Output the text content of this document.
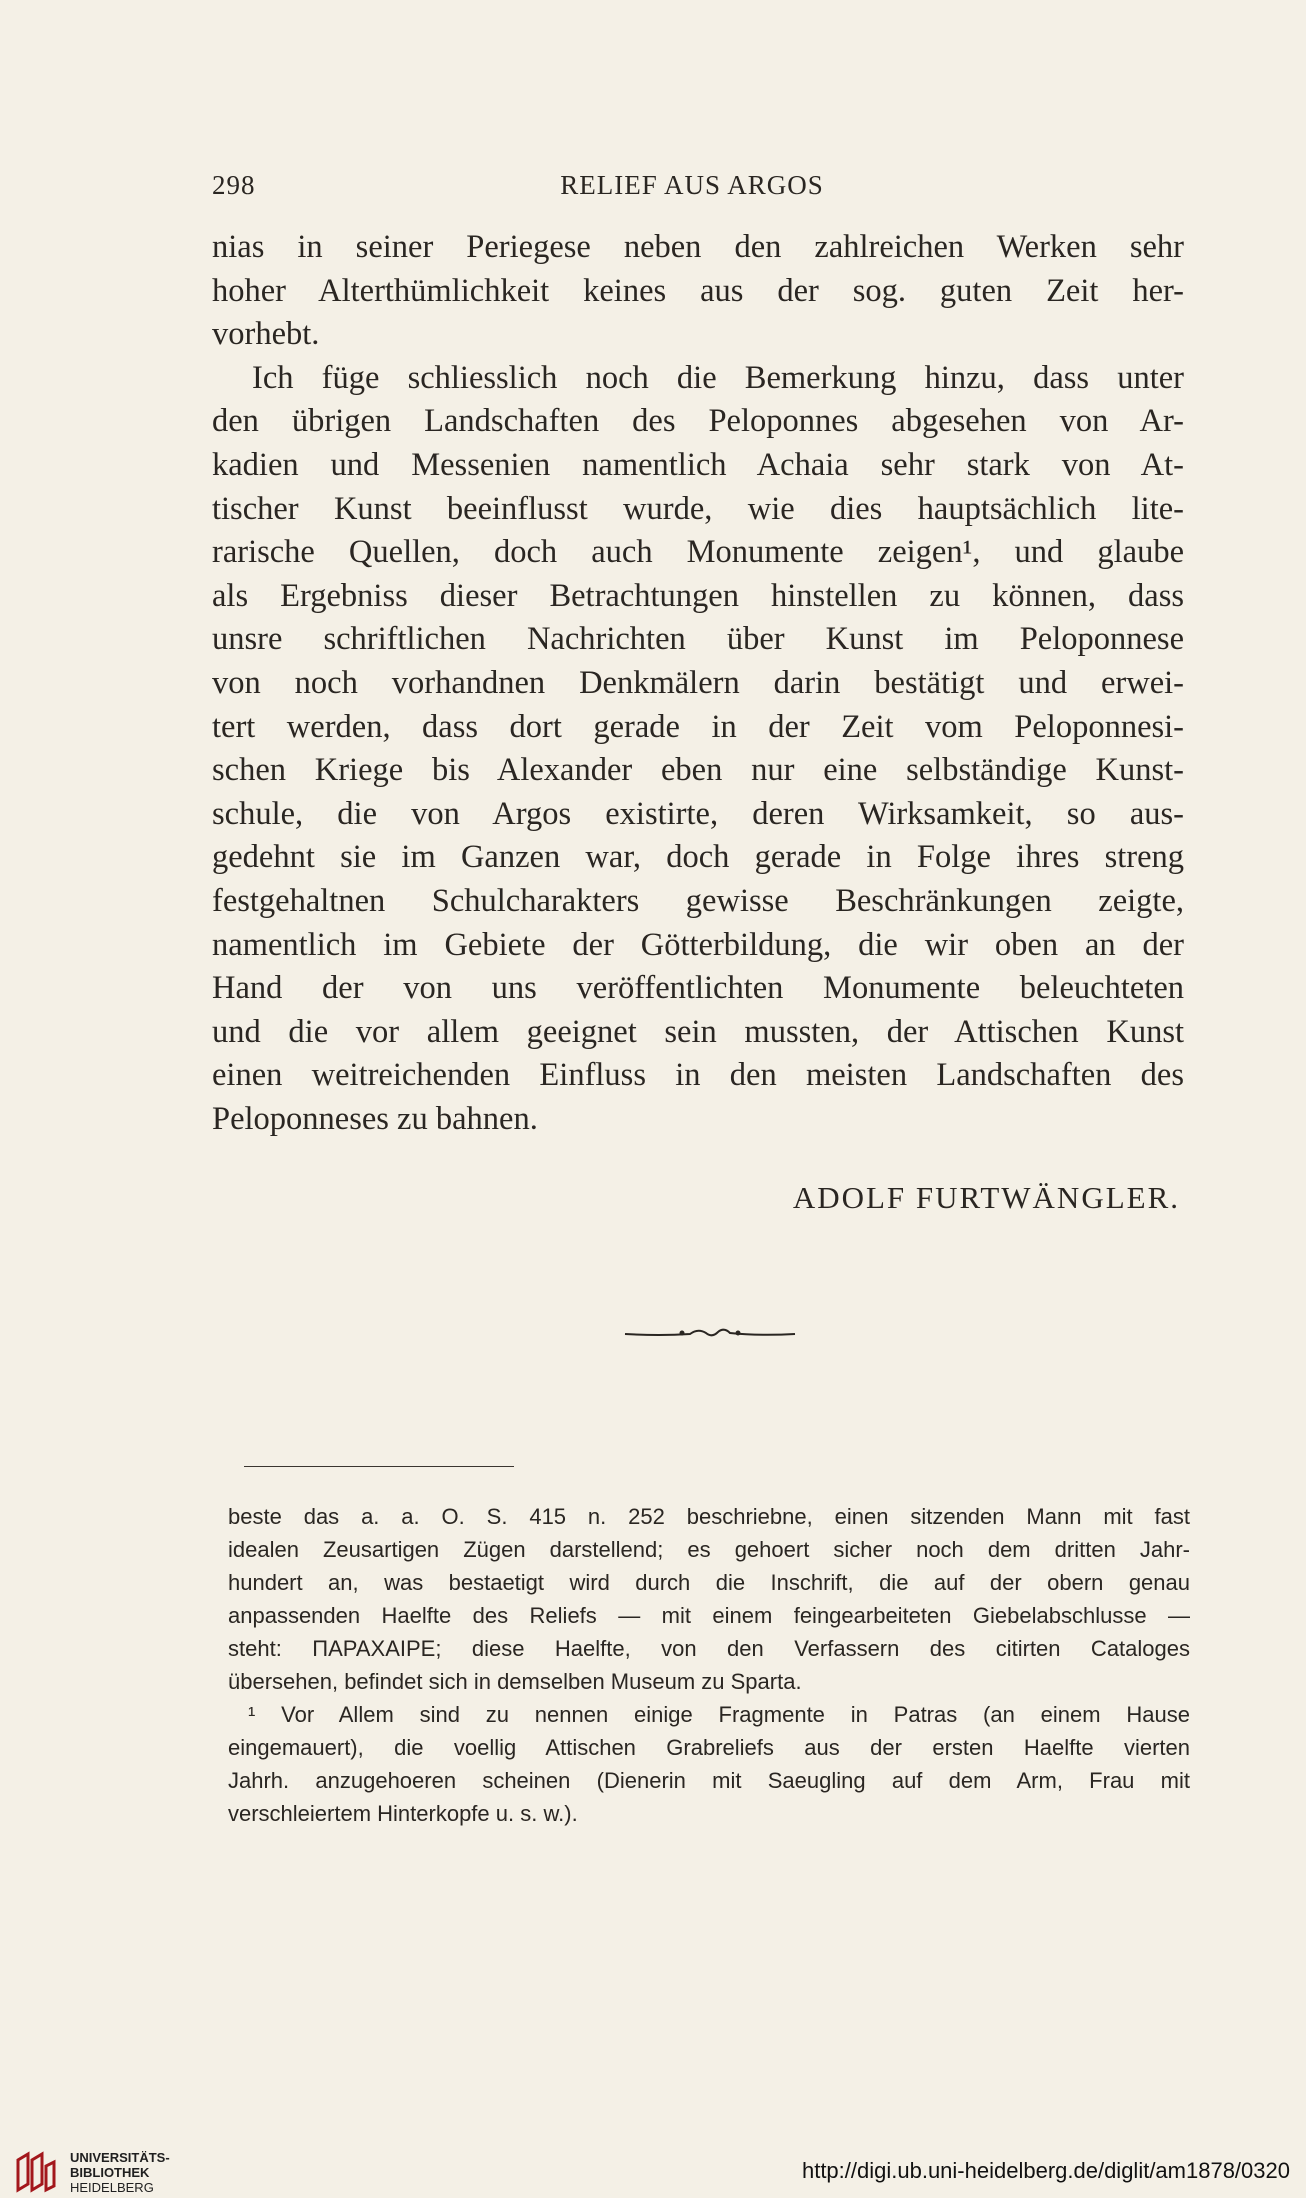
298	RELIEF AUS ARGOS
nias in seiner Periegese neben den zahlreichen Werken sehr
hoher Alterthümlichkeit keines aus der sog. guten Zeit her-
vorhebt.
Ich füge schliesslich noch die Bemerkung hinzu, dass unter
den übrigen Landschaften des Peloponnes abgesehen von Ar-
kadien und Messenien namentlich Achaia sehr stark von At-
tischer Kunst beeinflusst wurde, wie dies hauptsächlich lite-
rarische Quellen, doch auch Monumente zeigen¹, und glaube
als Ergebniss dieser Betrachtungen hinstellen zu können, dass
unsre schriftlichen Nachrichten über Kunst im Peloponnese
von noch vorhandnen Denkmälern darin bestätigt und erwei-
tert werden, dass dort gerade in der Zeit vom Peloponnesi-
schen Kriege bis Alexander eben nur eine selbständige Kunst-
schule, die von Argos existirte, deren Wirksamkeit, so aus-
gedehnt sie im Ganzen war, doch gerade in Folge ihres streng
festgehaltnen Schulcharakters gewisse Beschränkungen zeigte,
namentlich im Gebiete der Götterbildung, die wir oben an der
Hand der von uns veröffentlichten Monumente beleuchteten
und die vor allem geeignet sein mussten, der Attischen Kunst
einen weitreichenden Einfluss in den meisten Landschaften des
Peloponneses zu bahnen.
ADOLF FURTWÄNGLER.
beste das a. a. O. S. 415 n. 252 beschriebne, einen sitzenden Mann mit fast
idealen Zeusartigen Zügen darstellend; es gehoert sicher noch dem dritten Jahr-
hundert an, was bestaetigt wird durch die Inschrift, die auf der obern genau
anpassenden Haelfte des Reliefs — mit einem feingearbeiteten Giebelabschlusse —
steht: ΠΑΡΑΧΑΙΡΕ; diese Haelfte, von den Verfassern des citirten Cataloges
übersehen, befindet sich in demselben Museum zu Sparta.
¹ Vor Allem sind zu nennen einige Fragmente in Patras (an einem Hause
eingemauert), die voellig Attischen Grabreliefs aus der ersten Haelfte vierten
Jahrh. anzugehoeren scheinen (Dienerin mit Saeugling auf dem Arm, Frau mit
verschleiertem Hinterkopfe u. s. w.).
UNIVERSITÄTS-
BIBLIOTHEK
HEIDELBERG
http://digi.ub.uni-heidelberg.de/diglit/am1878/0320
